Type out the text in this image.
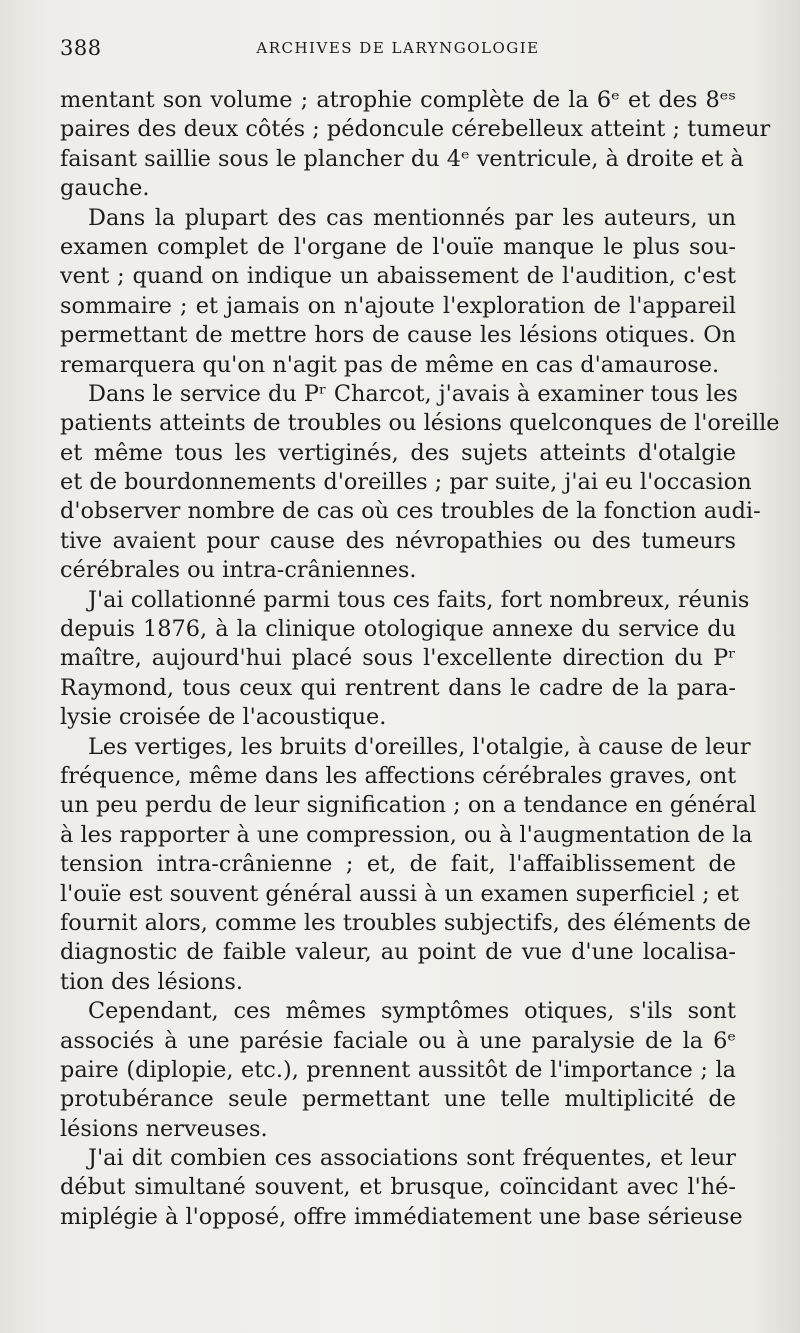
388	ARCHIVES DE LARYNGOLOGIE
mentant son volume ; atrophie complète de la 6ᵉ et des 8ᵉˢ
paires des deux côtés ; pédoncule cérebelleux atteint ; tumeur
faisant saillie sous le plancher du 4ᵉ ventricule, à droite et à
gauche.
Dans la plupart des cas mentionnés par les auteurs, un
examen complet de l'organe de l'ouïe manque le plus sou-
vent ; quand on indique un abaissement de l'audition, c'est
sommaire ; et jamais on n'ajoute l'exploration de l'appareil
permettant de mettre hors de cause les lésions otiques. On
remarquera qu'on n'agit pas de même en cas d'amaurose.
Dans le service du Pʳ Charcot, j'avais à examiner tous les
patients atteints de troubles ou lésions quelconques de l'oreille
et même tous les vertiginés, des sujets atteints d'otalgie
et de bourdonnements d'oreilles ; par suite, j'ai eu l'occasion
d'observer nombre de cas où ces troubles de la fonction audi-
tive avaient pour cause des névropathies ou des tumeurs
cérébrales ou intra-crâniennes.
J'ai collationné parmi tous ces faits, fort nombreux, réunis
depuis 1876, à la clinique otologique annexe du service du
maître, aujourd'hui placé sous l'excellente direction du Pʳ
Raymond, tous ceux qui rentrent dans le cadre de la para-
lysie croisée de l'acoustique.
Les vertiges, les bruits d'oreilles, l'otalgie, à cause de leur
fréquence, même dans les affections cérébrales graves, ont
un peu perdu de leur signification ; on a tendance en général
à les rapporter à une compression, ou à l'augmentation de la
tension intra-crânienne ; et, de fait, l'affaiblissement de
l'ouïe est souvent général aussi à un examen superficiel ; et
fournit alors, comme les troubles subjectifs, des éléments de
diagnostic de faible valeur, au point de vue d'une localisa-
tion des lésions.
Cependant, ces mêmes symptômes otiques, s'ils sont
associés à une parésie faciale ou à une paralysie de la 6ᵉ
paire (diplopie, etc.), prennent aussitôt de l'importance ; la
protubérance seule permettant une telle multiplicité de
lésions nerveuses.
J'ai dit combien ces associations sont fréquentes, et leur
début simultané souvent, et brusque, coïncidant avec l'hé-
miplégie à l'opposé, offre immédiatement une base sérieuse
